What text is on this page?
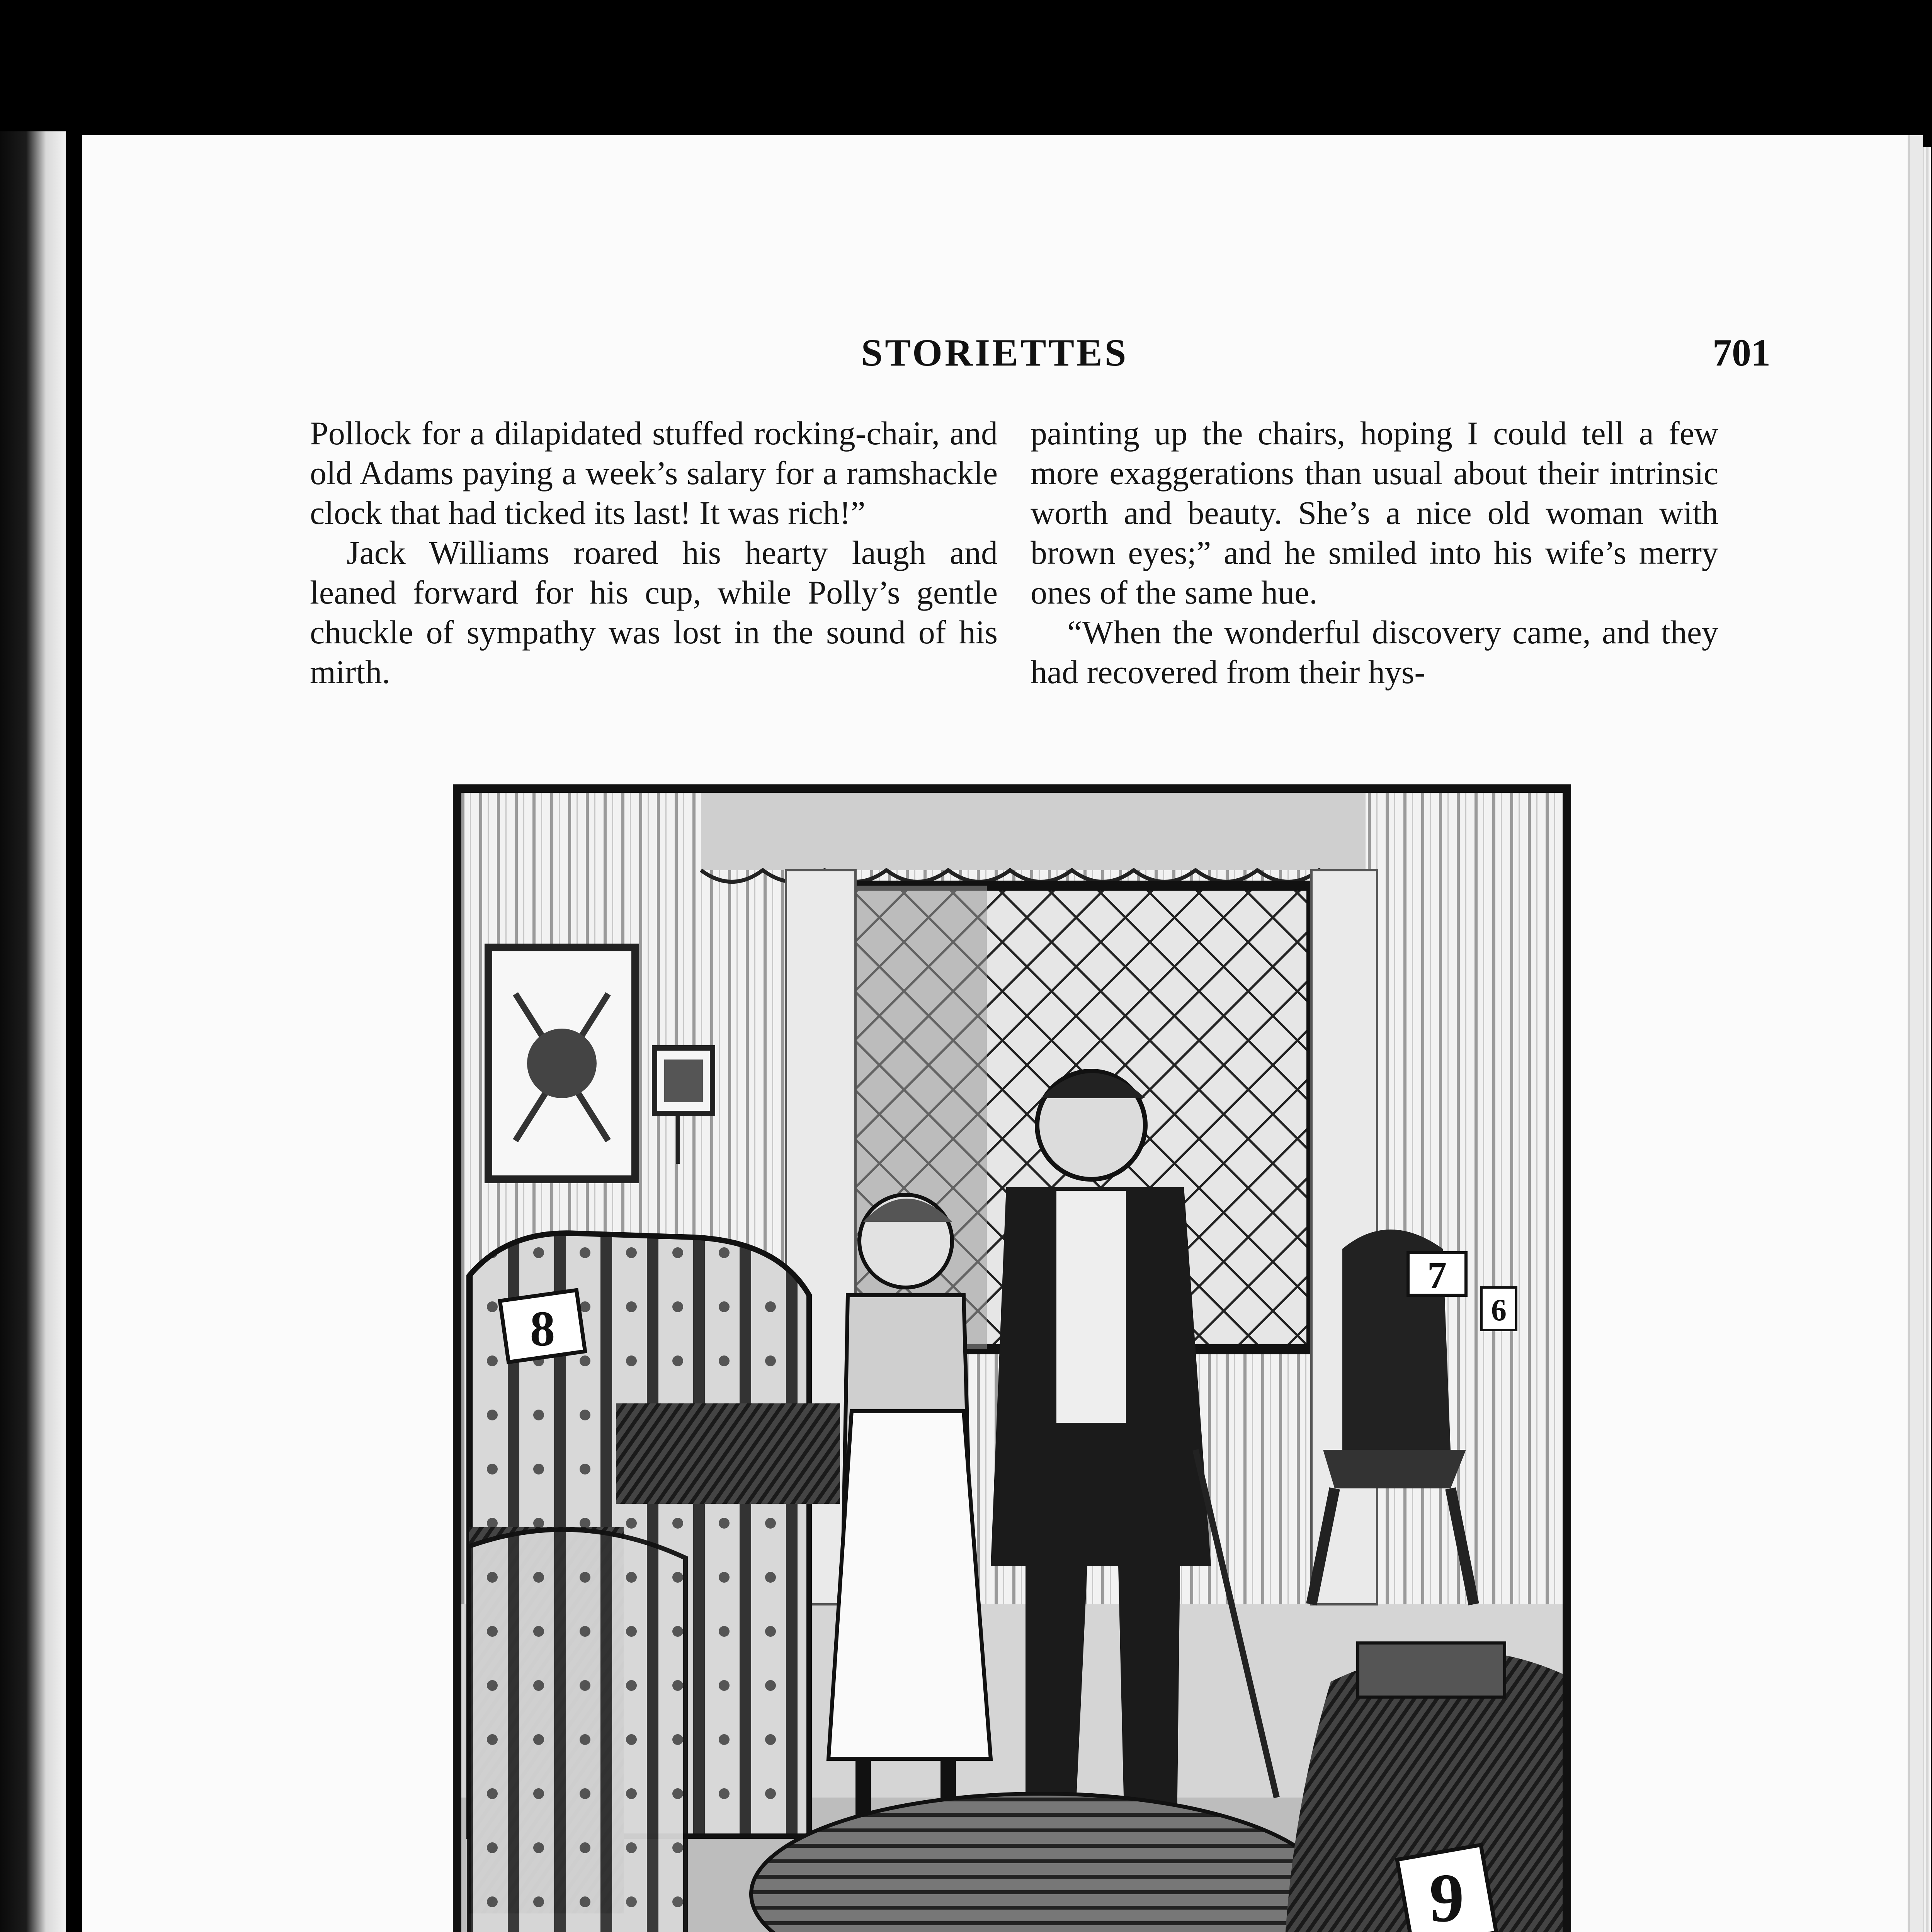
STORIETTES	701

Pollock for a dilapidated stuffed rocking-chair, and old Adams paying a week’s salary for a ramshackle clock that had ticked its last! It was rich!”

Jack Williams roared his hearty laugh and leaned forward for his cup, while Polly’s gentle chuckle of sympathy was lost in the sound of his mirth.

painting up the chairs, hoping I could tell a few more exaggerations than usual about their intrinsic worth and beauty. She’s a nice old woman with brown eyes;” and he smiled into his wife’s merry ones of the same hue.

“When the wonderful discovery came, and they had recovered from their hys-

8
7
6
9
